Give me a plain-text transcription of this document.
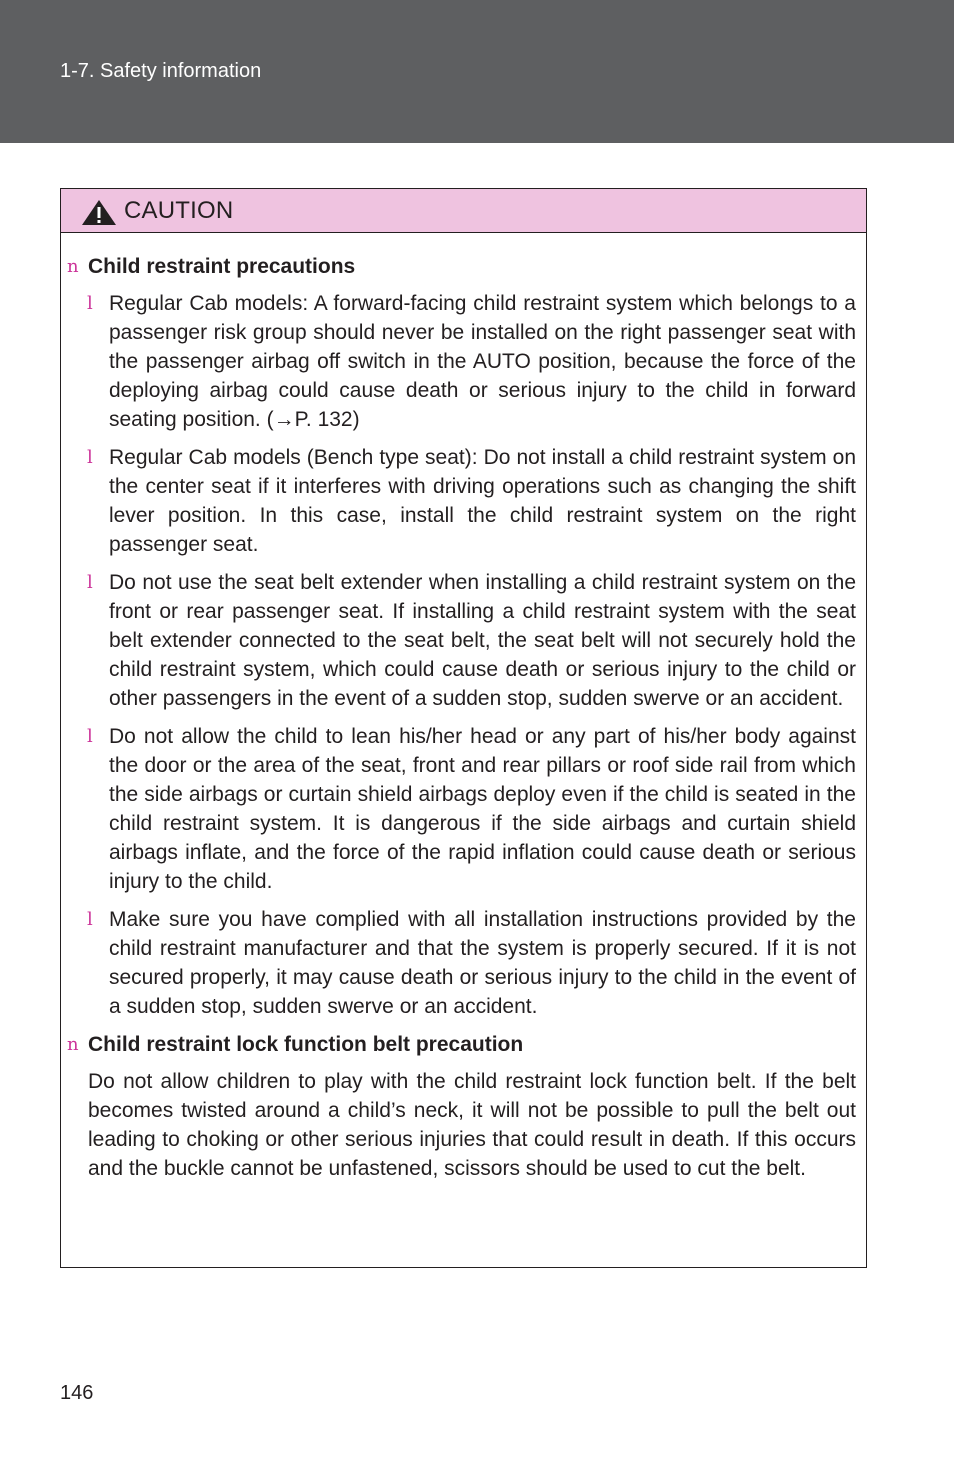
1-7. Safety information
CAUTION
n Child restraint precautions
l Regular Cab models: A forward-facing child restraint system which belongs to a passenger risk group should never be installed on the right passenger seat with the passenger airbag off switch in the AUTO position, because the force of the deploying airbag could cause death or serious injury to the child in forward seating position. (→P. 132)
l Regular Cab models (Bench type seat): Do not install a child restraint system on the center seat if it interferes with driving operations such as changing the shift lever position. In this case, install the child restraint system on the right passenger seat.
l Do not use the seat belt extender when installing a child restraint system on the front or rear passenger seat. If installing a child restraint system with the seat belt extender connected to the seat belt, the seat belt will not securely hold the child restraint system, which could cause death or serious injury to the child or other passengers in the event of a sudden stop, sudden swerve or an accident.
l Do not allow the child to lean his/her head or any part of his/her body against the door or the area of the seat, front and rear pillars or roof side rail from which the side airbags or curtain shield airbags deploy even if the child is seated in the child restraint system. It is dangerous if the side airbags and curtain shield airbags inflate, and the force of the rapid inflation could cause death or serious injury to the child.
l Make sure you have complied with all installation instructions provided by the child restraint manufacturer and that the system is properly secured. If it is not secured properly, it may cause death or serious injury to the child in the event of a sudden stop, sudden swerve or an accident.
n Child restraint lock function belt precaution
Do not allow children to play with the child restraint lock function belt. If the belt becomes twisted around a child’s neck, it will not be possible to pull the belt out leading to choking or other serious injuries that could result in death. If this occurs and the buckle cannot be unfastened, scissors should be used to cut the belt.
146
